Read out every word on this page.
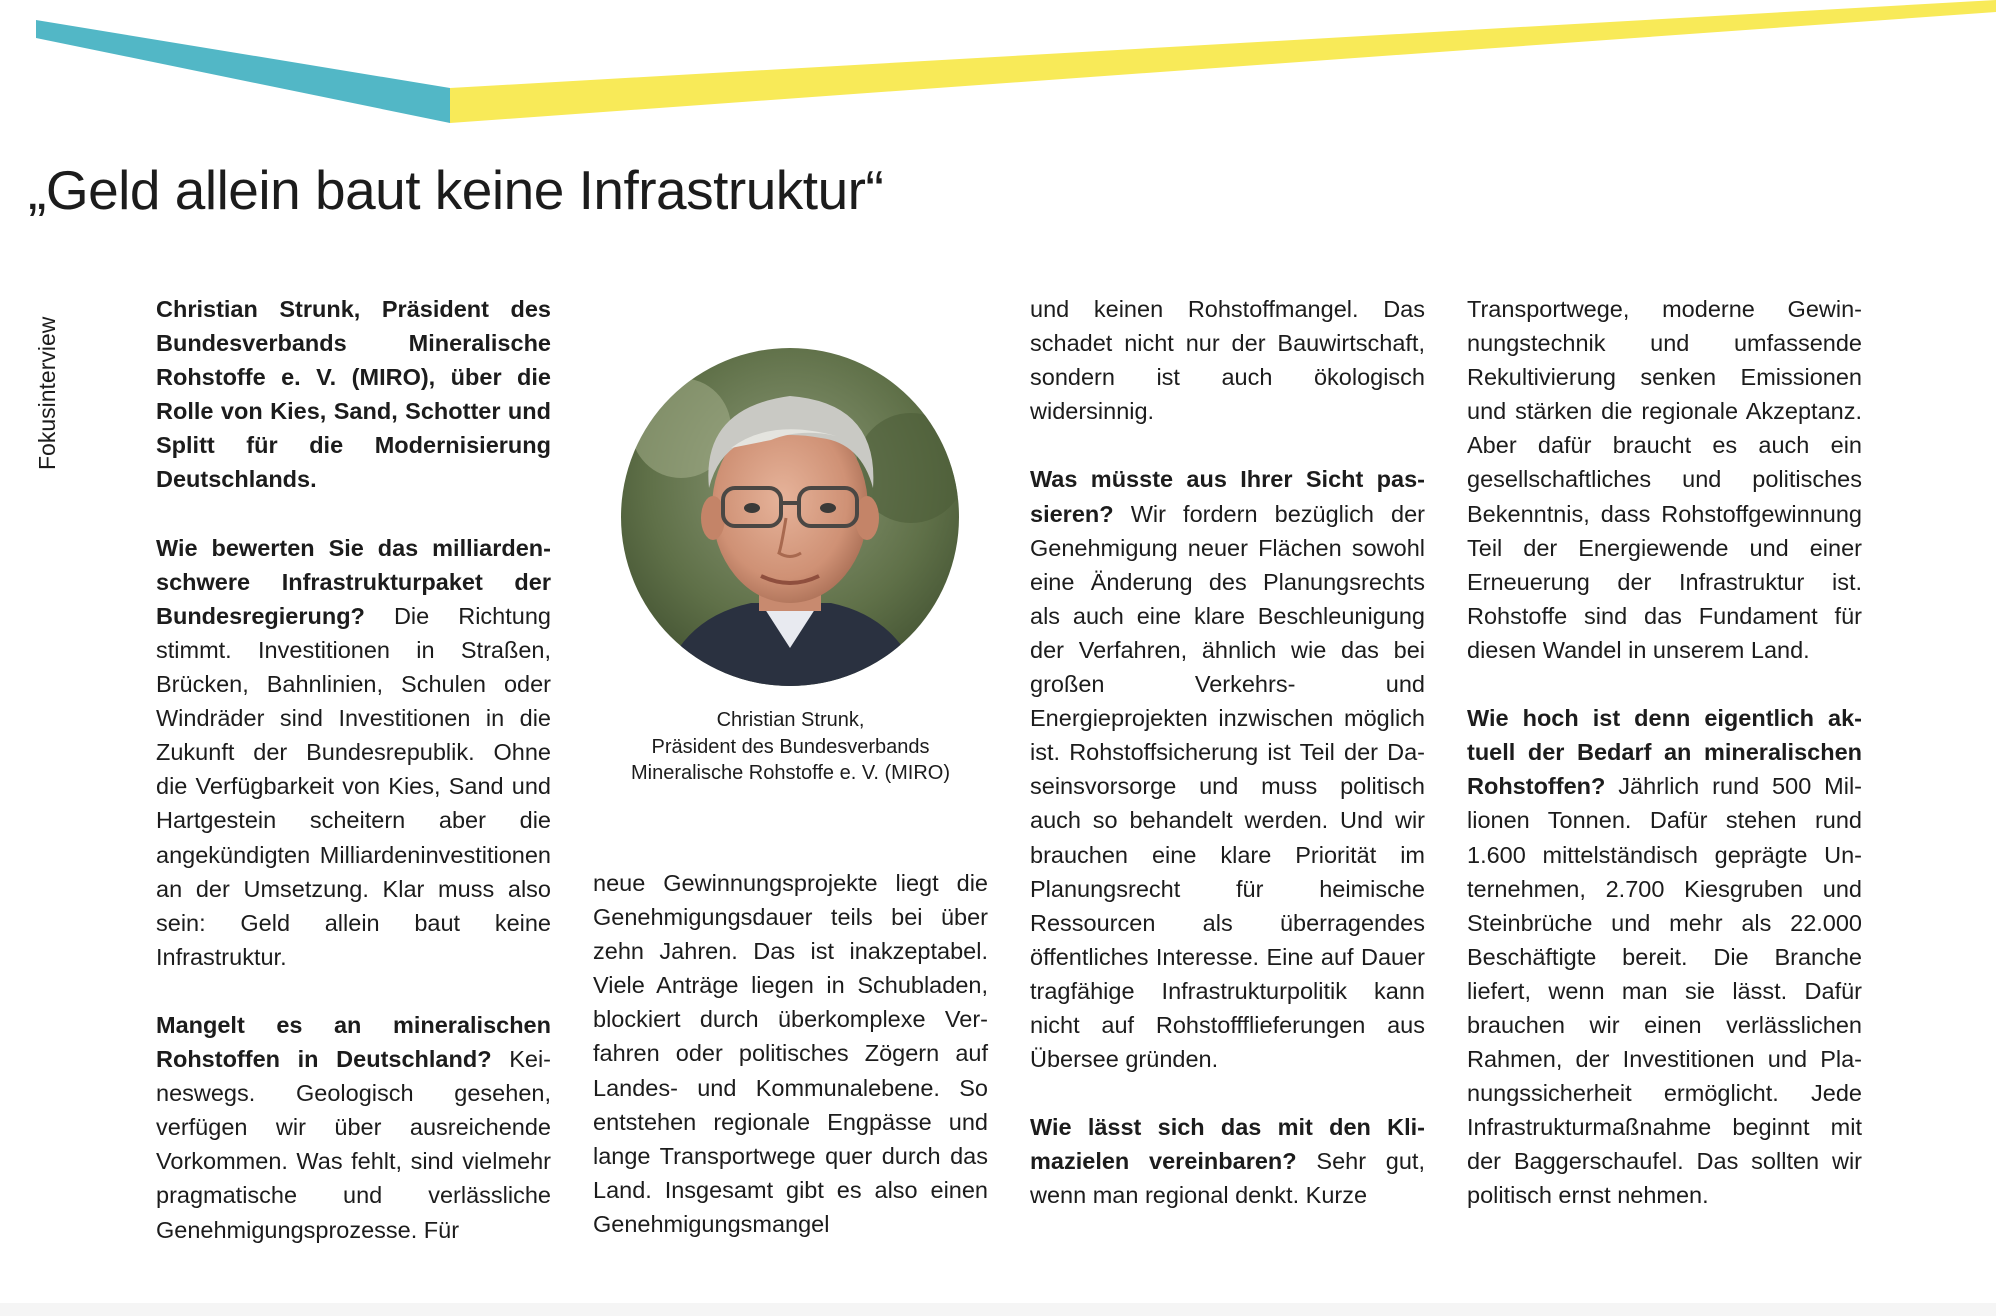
„Geld allein baut keine Infrastruktur“
Fokusinterview

Christian Strunk, Präsident des Bundesverbands Mineralische Rohstoffe e. V. (MIRO), über die Rolle von Kies, Sand, Schotter und Splitt für die Modernisierung Deutschlands.

Wie bewerten Sie das milliardenschwere Infrastrukturpaket der Bundesregierung? Die Richtung stimmt. Investitionen in Straßen, Brücken, Bahnlinien, Schulen oder Windräder sind Investitionen in die Zukunft der Bundesrepublik. Ohne die Verfügbarkeit von Kies, Sand und Hartgestein scheitern aber die angekündigten Milliardeninvestitionen an der Umsetzung. Klar muss also sein: Geld allein baut keine Infrastruktur.

Mangelt es an mineralischen Rohstoffen in Deutschland? Keineswegs. Geologisch gesehen, verfügen wir über ausreichende Vorkommen. Was fehlt, sind vielmehr pragmatische und verlässliche Genehmigungsprozesse. Für

Christian Strunk,
Präsident des Bundesverbands
Mineralische Rohstoffe e. V. (MIRO)

neue Gewinnungsprojekte liegt die Genehmigungsdauer teils bei über zehn Jahren. Das ist inakzeptabel. Viele Anträge liegen in Schubladen, blockiert durch überkomplexe Verfahren oder politisches Zögern auf Landes- und Kommunalebene. So entstehen regionale Engpässe und lange Transportwege quer durch das Land. Insgesamt gibt es also einen Genehmigungsmangel

und keinen Rohstoffmangel. Das schadet nicht nur der Bauwirtschaft, sondern ist auch ökologisch widersinnig.

Was müsste aus Ihrer Sicht passieren? Wir fordern bezüglich der Genehmigung neuer Flächen sowohl eine Änderung des Planungsrechts als auch eine klare Beschleunigung der Verfahren, ähnlich wie das bei großen Verkehrs- und Energieprojekten inzwischen möglich ist. Rohstoffsicherung ist Teil der Daseinsvorsorge und muss politisch auch so behandelt werden. Und wir brauchen eine klare Priorität im Planungsrecht für heimische Ressourcen als überragendes öffentliches Interesse. Eine auf Dauer tragfähige Infrastrukturpolitik kann nicht auf Rohstoffflieferungen aus Übersee gründen.

Wie lässt sich das mit den Klimazielen vereinbaren? Sehr gut, wenn man regional denkt. Kurze

Transportwege, moderne Gewinnungstechnik und umfassende Rekultivierung senken Emissionen und stärken die regionale Akzeptanz. Aber dafür braucht es auch ein gesellschaftliches und politisches Bekenntnis, dass Rohstoffgewinnung Teil der Energiewende und einer Erneuerung der Infrastruktur ist. Rohstoffe sind das Fundament für diesen Wandel in unserem Land.

Wie hoch ist denn eigentlich aktuell der Bedarf an mineralischen Rohstoffen? Jährlich rund 500 Millionen Tonnen. Dafür stehen rund 1.600 mittelständisch geprägte Unternehmen, 2.700 Kiesgruben und Steinbrüche und mehr als 22.000 Beschäftigte bereit. Die Branche liefert, wenn man sie lässt. Dafür brauchen wir einen verlässlichen Rahmen, der Investitionen und Planungssicherheit ermöglicht. Jede Infrastrukturmaßnahme beginnt mit der Baggerschaufel. Das sollten wir politisch ernst nehmen.
